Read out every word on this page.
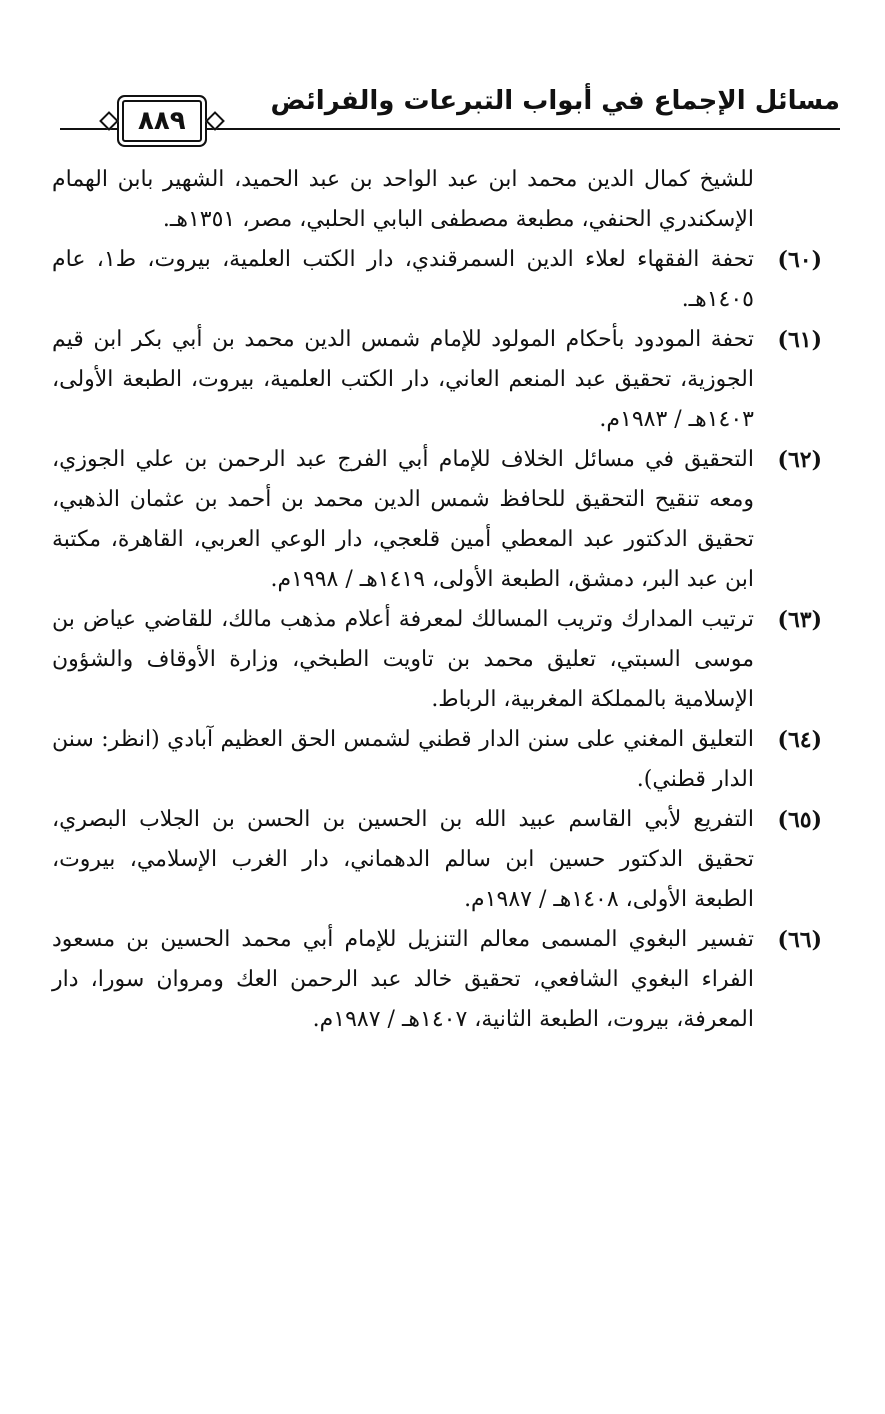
مسائل الإجماع في أبواب التبرعات والفرائض
٨٨٩
للشيخ كمال الدين محمد ابن عبد الواحد بن عبد الحميد، الشهير بابن الهمام الإسكندري الحنفي، مطبعة مصطفى البابي الحلبي، مصر، ١٣٥١هـ.
(٦٠)
تحفة الفقهاء لعلاء الدين السمرقندي، دار الكتب العلمية، بيروت، ط١، عام ١٤٠٥هـ.
(٦١)
تحفة المودود بأحكام المولود للإمام شمس الدين محمد بن أبي بكر ابن قيم الجوزية، تحقيق عبد المنعم العاني، دار الكتب العلمية، بيروت، الطبعة الأولى، ١٤٠٣هـ / ١٩٨٣م.
(٦٢)
التحقيق في مسائل الخلاف للإمام أبي الفرج عبد الرحمن بن علي الجوزي، ومعه تنقيح التحقيق للحافظ شمس الدين محمد بن أحمد بن عثمان الذهبي، تحقيق الدكتور عبد المعطي أمين قلعجي، دار الوعي العربي، القاهرة، مكتبة ابن عبد البر، دمشق، الطبعة الأولى، ١٤١٩هـ / ١٩٩٨م.
(٦٣)
ترتيب المدارك وتريب المسالك لمعرفة أعلام مذهب مالك، للقاضي عياض بن موسى السبتي، تعليق محمد بن تاويت الطبخي، وزارة الأوقاف والشؤون الإسلامية بالمملكة المغربية، الرباط.
(٦٤)
التعليق المغني على سنن الدار قطني لشمس الحق العظيم آبادي (انظر: سنن الدار قطني).
(٦٥)
التفريع لأبي القاسم عبيد الله بن الحسين بن الحسن بن الجلاب البصري، تحقيق الدكتور حسين ابن سالم الدهماني، دار الغرب الإسلامي، بيروت، الطبعة الأولى، ١٤٠٨هـ / ١٩٨٧م.
(٦٦)
تفسير البغوي المسمى معالم التنزيل للإمام أبي محمد الحسين بن مسعود الفراء البغوي الشافعي، تحقيق خالد عبد الرحمن العك ومروان سورا، دار المعرفة، بيروت، الطبعة الثانية، ١٤٠٧هـ / ١٩٨٧م.
